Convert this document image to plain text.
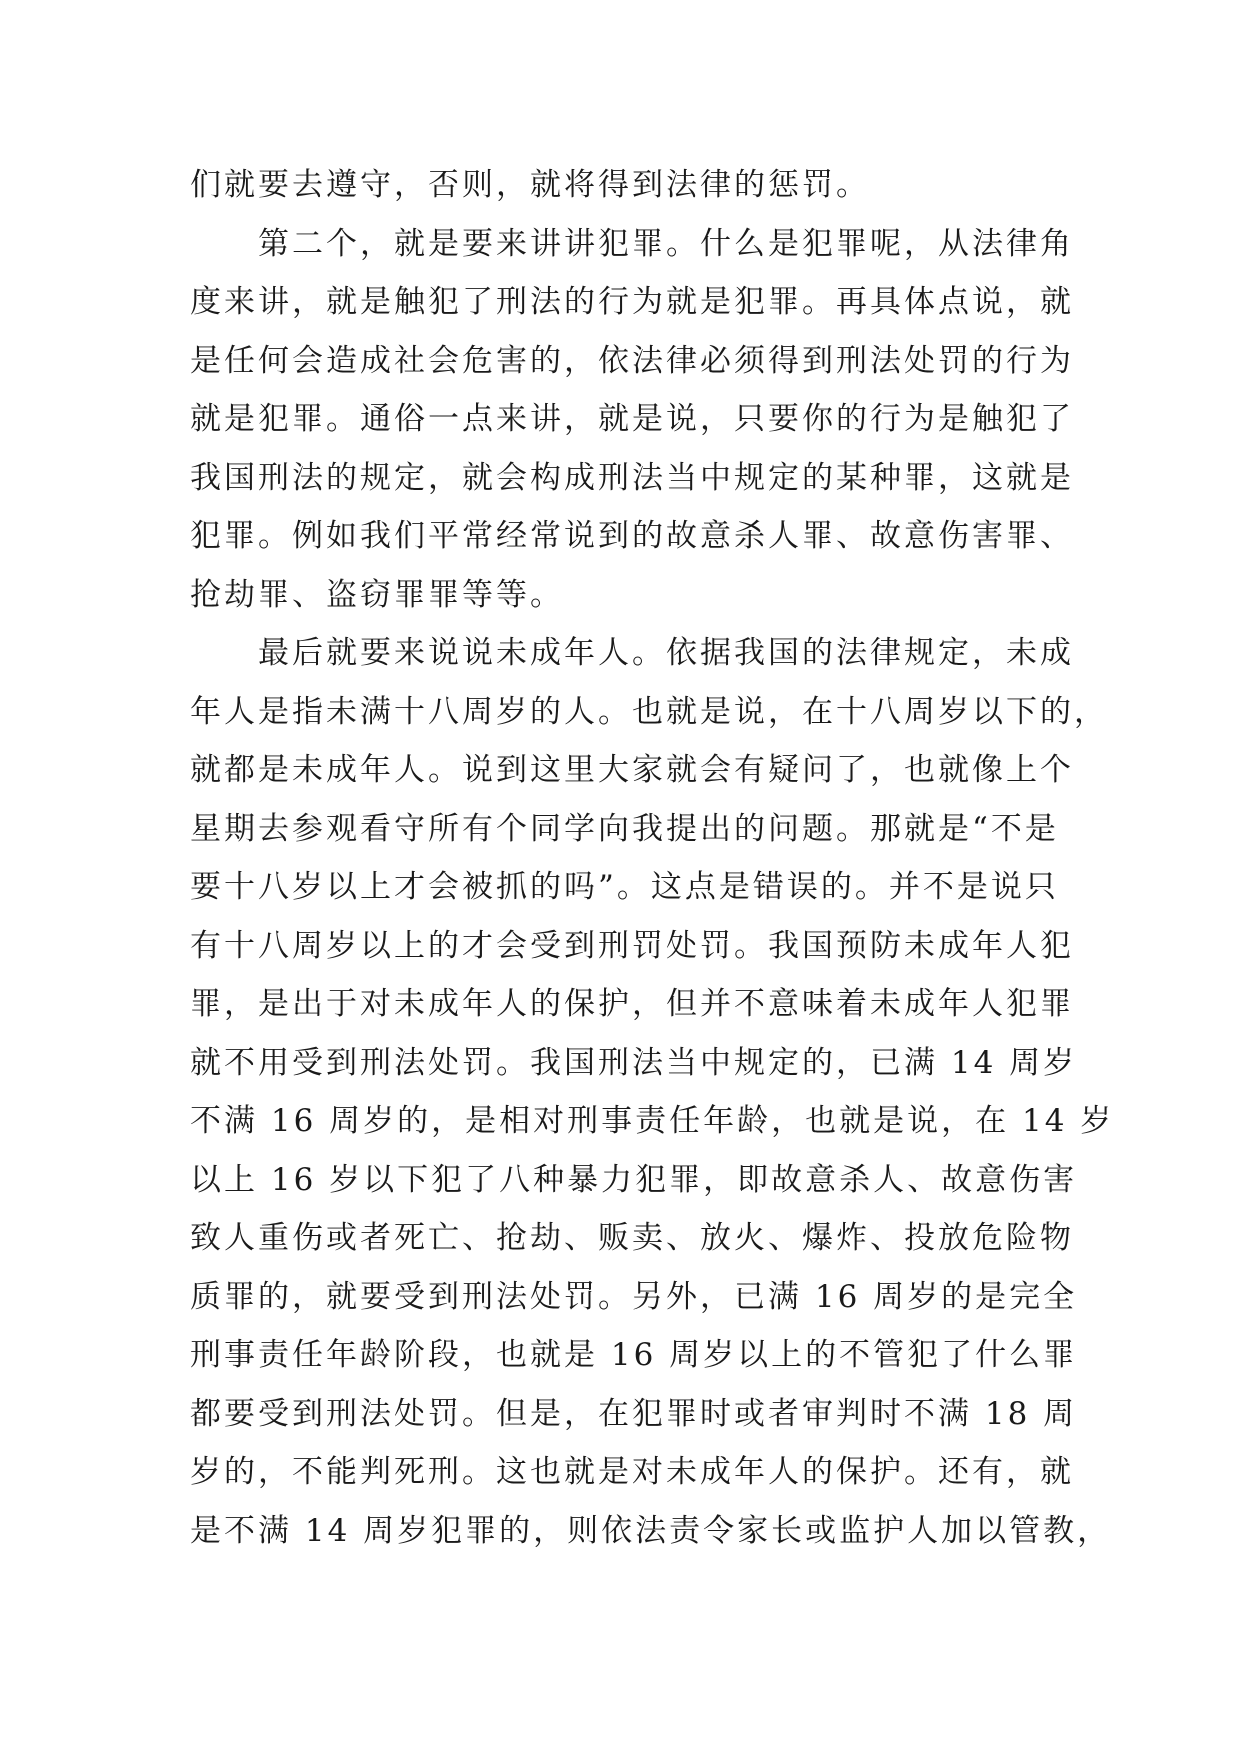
们就要去遵守，否则，就将得到法律的惩罚。
　　第二个，就是要来讲讲犯罪。什么是犯罪呢，从法律角
度来讲，就是触犯了刑法的行为就是犯罪。再具体点说，就
是任何会造成社会危害的，依法律必须得到刑法处罚的行为
就是犯罪。通俗一点来讲，就是说，只要你的行为是触犯了
我国刑法的规定，就会构成刑法当中规定的某种罪，这就是
犯罪。例如我们平常经常说到的故意杀人罪、故意伤害罪、
抢劫罪、盗窃罪罪等等。
　　最后就要来说说未成年人。依据我国的法律规定，未成
年人是指未满十八周岁的人。也就是说，在十八周岁以下的，
就都是未成年人。说到这里大家就会有疑问了，也就像上个
星期去参观看守所有个同学向我提出的问题。那就是“不是
要十八岁以上才会被抓的吗”。这点是错误的。并不是说只
有十八周岁以上的才会受到刑罚处罚。我国预防未成年人犯
罪，是出于对未成年人的保护，但并不意味着未成年人犯罪
就不用受到刑法处罚。我国刑法当中规定的，已满 14 周岁
不满 16 周岁的，是相对刑事责任年龄，也就是说，在 14 岁
以上 16 岁以下犯了八种暴力犯罪，即故意杀人、故意伤害
致人重伤或者死亡、抢劫、贩卖、放火、爆炸、投放危险物
质罪的，就要受到刑法处罚。另外，已满 16 周岁的是完全
刑事责任年龄阶段，也就是 16 周岁以上的不管犯了什么罪
都要受到刑法处罚。但是，在犯罪时或者审判时不满 18 周
岁的，不能判死刑。这也就是对未成年人的保护。还有，就
是不满 14 周岁犯罪的，则依法责令家长或监护人加以管教，
